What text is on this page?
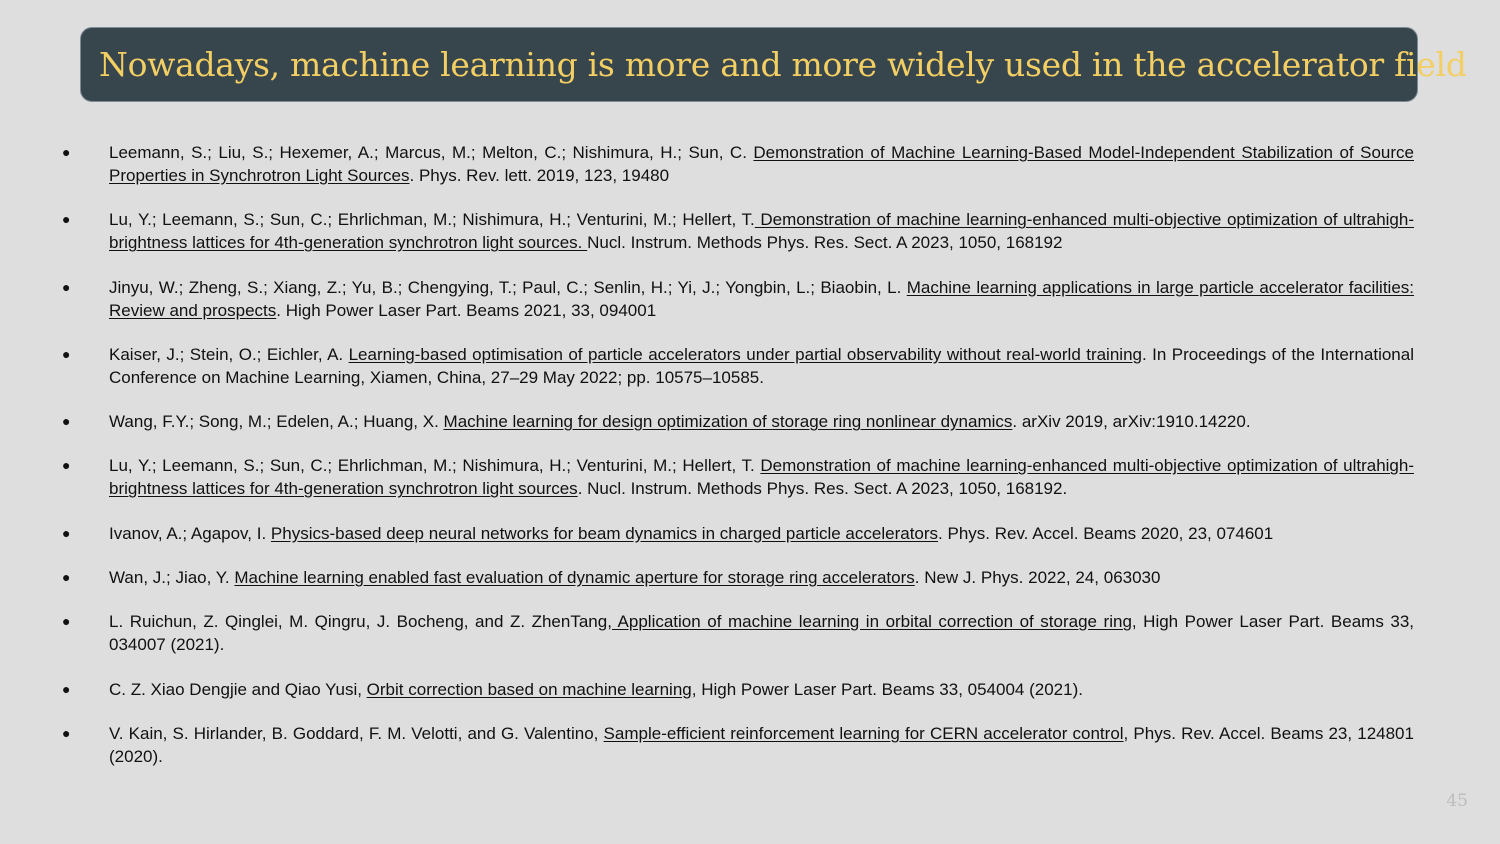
Nowadays, machine learning is more and more widely used in the accelerator field
● Leemann, S.; Liu, S.; Hexemer, A.; Marcus, M.; Melton, C.; Nishimura, H.; Sun, C. Demonstration of Machine Learning-Based Model-Independent Stabilization of Source Properties in Synchrotron Light Sources. Phys. Rev. lett. 2019, 123, 19480
● Lu, Y.; Leemann, S.; Sun, C.; Ehrlichman, M.; Nishimura, H.; Venturini, M.; Hellert, T. Demonstration of machine learning-enhanced multi-objective optimization of ultrahigh-brightness lattices for 4th-generation synchrotron light sources. Nucl. Instrum. Methods Phys. Res. Sect. A 2023, 1050, 168192
● Jinyu, W.; Zheng, S.; Xiang, Z.; Yu, B.; Chengying, T.; Paul, C.; Senlin, H.; Yi, J.; Yongbin, L.; Biaobin, L. Machine learning applications in large particle accelerator facilities: Review and prospects. High Power Laser Part. Beams 2021, 33, 094001
● Kaiser, J.; Stein, O.; Eichler, A. Learning-based optimisation of particle accelerators under partial observability without real-world training. In Proceedings of the International Conference on Machine Learning, Xiamen, China, 27–29 May 2022; pp. 10575–10585.
● Wang, F.Y.; Song, M.; Edelen, A.; Huang, X. Machine learning for design optimization of storage ring nonlinear dynamics. arXiv 2019, arXiv:1910.14220.
● Lu, Y.; Leemann, S.; Sun, C.; Ehrlichman, M.; Nishimura, H.; Venturini, M.; Hellert, T. Demonstration of machine learning-enhanced multi-objective optimization of ultrahigh-brightness lattices for 4th-generation synchrotron light sources. Nucl. Instrum. Methods Phys. Res. Sect. A 2023, 1050, 168192.
● Ivanov, A.; Agapov, I. Physics-based deep neural networks for beam dynamics in charged particle accelerators. Phys. Rev. Accel. Beams 2020, 23, 074601
● Wan, J.; Jiao, Y. Machine learning enabled fast evaluation of dynamic aperture for storage ring accelerators. New J. Phys. 2022, 24, 063030
● L. Ruichun, Z. Qinglei, M. Qingru, J. Bocheng, and Z. ZhenTang, Application of machine learning in orbital correction of storage ring, High Power Laser Part. Beams 33, 034007 (2021).
● C. Z. Xiao Dengjie and Qiao Yusi, Orbit correction based on machine learning, High Power Laser Part. Beams 33, 054004 (2021).
● V. Kain, S. Hirlander, B. Goddard, F. M. Velotti, and G. Valentino, Sample-efficient reinforcement learning for CERN accelerator control, Phys. Rev. Accel. Beams 23, 124801 (2020).
45
